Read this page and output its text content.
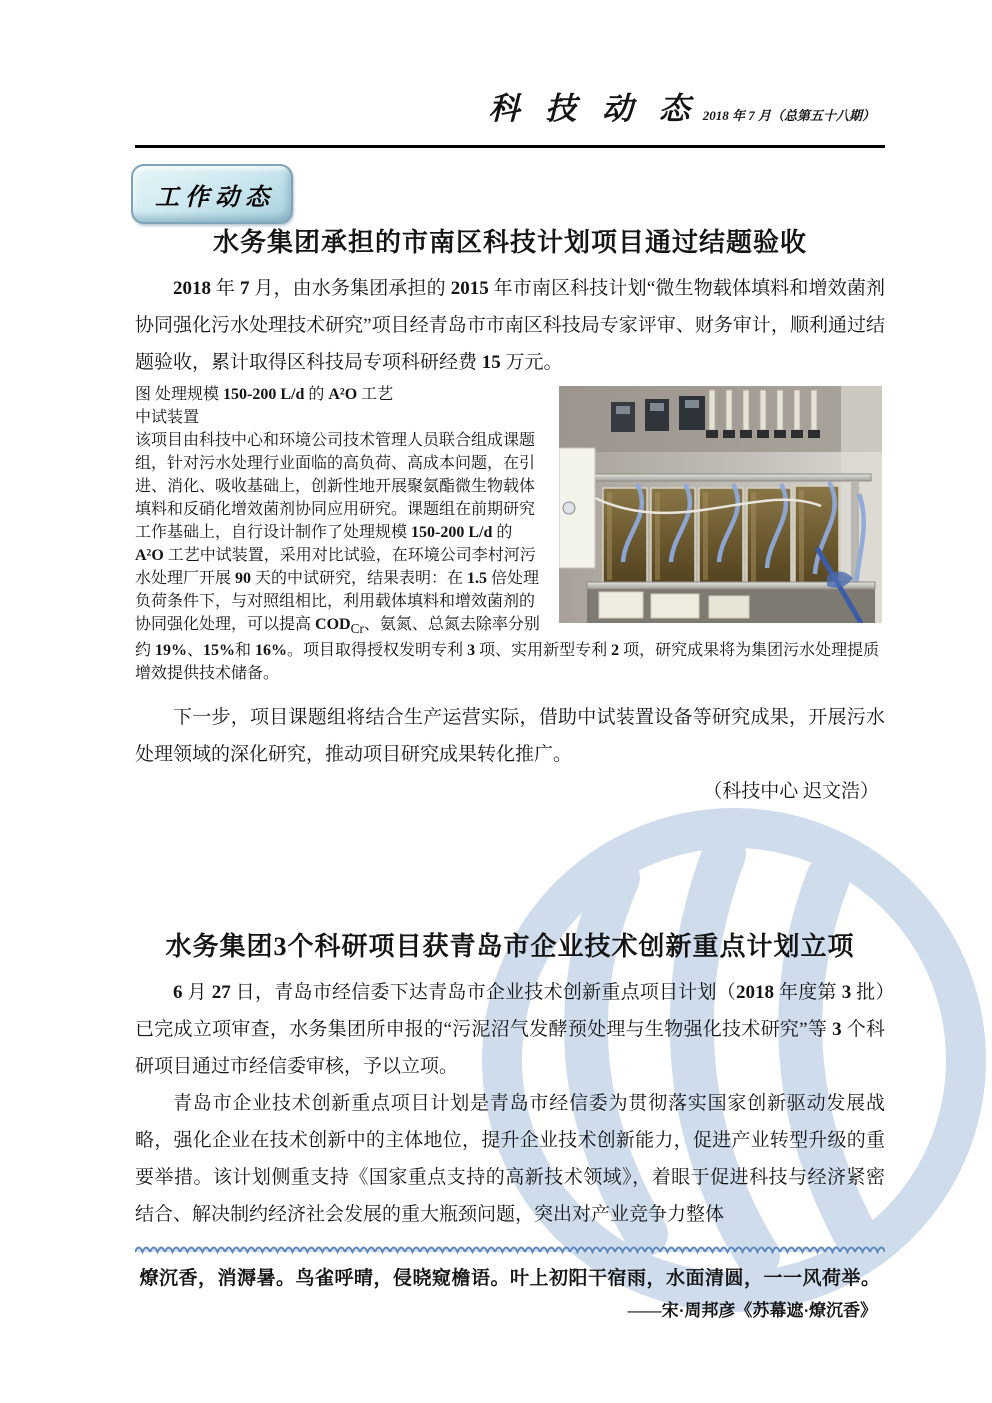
科 技 动 态 2018 年 7 月（总第五十八期）
工作动态
水务集团承担的市南区科技计划项目通过结题验收

2018 年 7 月，由水务集团承担的 2015 年市南区科技计划“微生物载体填料和增效菌剂协同强化污水处理技术研究”项目经青岛市市南区科技局专家评审、财务审计，顺利通过结题验收，累计取得区科技局专项科研经费 15 万元。

图 处理规模 150-200 L/d 的 A²O 工艺
中试装置
该项目由科技中心和环境公司技术管理人员联合组成课题组，针对污水处理行业面临的高负荷、高成本问题，在引进、消化、吸收基础上，创新性地开展聚氨酯微生物载体填料和反硝化增效菌剂协同应用研究。课题组在前期研究工作基础上，自行设计制作了处理规模 150-200 L/d 的 A²O 工艺中试装置，采用对比试验，在环境公司李村河污水处理厂开展 90 天的中试研究，结果表明：在 1.5 倍处理负荷条件下，与对照组相比，利用载体填料和增效菌剂的协同强化处理，可以提高 $COD_{Cr}$、氨氮、总氮去除率分别约 19%、15%和 16%。项目取得授权发明专利 3 项、实用新型专利 2 项，研究成果将为集团污水处理提质增效提供技术储备。

下一步，项目课题组将结合生产运营实际，借助中试装置设备等研究成果，开展污水处理领域的深化研究，推动项目研究成果转化推广。

（科技中心 迟文浩）

水务集团3个科研项目获青岛市企业技术创新重点计划立项

6 月 27 日，青岛市经信委下达青岛市企业技术创新重点项目计划（2018 年度第 3 批）已完成立项审查，水务集团所申报的“污泥沼气发酵预处理与生物强化技术研究”等 3 个科研项目通过市经信委审核，予以立项。

青岛市企业技术创新重点项目计划是青岛市经信委为贯彻落实国家创新驱动发展战略，强化企业在技术创新中的主体地位，提升企业技术创新能力，促进产业转型升级的重要举措。该计划侧重支持《国家重点支持的高新技术领域》，着眼于促进科技与经济紧密结合、解决制约经济社会发展的重大瓶颈问题，突出对产业竞争力整体

燎沉香，消溽暑。鸟雀呼晴，侵晓窥檐语。叶上初阳干宿雨，水面清圆，一一风荷举。

——宋·周邦彦《苏幕遮·燎沉香》
